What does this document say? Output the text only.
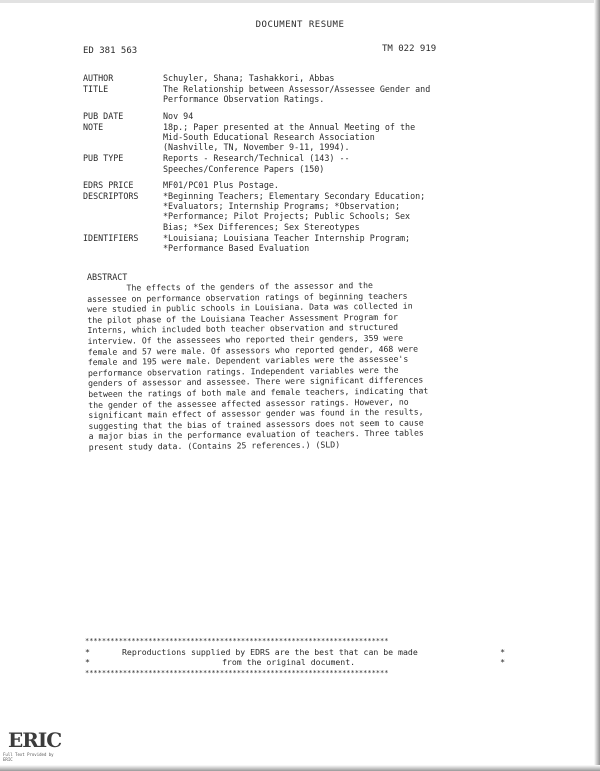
DOCUMENT RESUME
ED 381 563	TM 022 919
AUTHOR	Schuyler, Shana; Tashakkori, Abbas
TITLE	The Relationship between Assessor/Assessee Gender and
Performance Observation Ratings.
PUB DATE	Nov 94
NOTE	18p.; Paper presented at the Annual Meeting of the
Mid-South Educational Research Association
(Nashville, TN, November 9-11, 1994).
PUB TYPE	Reports - Research/Technical (143) --
Speeches/Conference Papers (150)
EDRS PRICE	MF01/PC01 Plus Postage.
DESCRIPTORS	*Beginning Teachers; Elementary Secondary Education;
*Evaluators; Internship Programs; *Observation;
*Performance; Pilot Projects; Public Schools; Sex
Bias; *Sex Differences; Sex Stereotypes
IDENTIFIERS	*Louisiana; Louisiana Teacher Internship Program;
*Performance Based Evaluation
ABSTRACT
The effects of the genders of the assessor and the
assessee on performance observation ratings of beginning teachers
were studied in public schools in Louisiana. Data was collected in
the pilot phase of the Louisiana Teacher Assessment Program for
Interns, which included both teacher observation and structured
interview. Of the assessees who reported their genders, 359 were
female and 57 were male. Of assessors who reported gender, 468 were
female and 195 were male. Dependent variables were the assessee's
performance observation ratings. Independent variables were the
genders of assessor and assessee. There were significant differences
between the ratings of both male and female teachers, indicating that
the gender of the assessee affected assessor ratings. However, no
significant main effect of assessor gender was found in the results,
suggesting that the bias of trained assessors does not seem to cause
a major bias in the performance evaluation of teachers. Three tables
present study data. (Contains 25 references.) (SLD)
************************************************************************
*	Reproductions supplied by EDRS are the best that can be made	*
*	from the original document.	*
************************************************************************
ERIC
Full Text Provided by ERIC
